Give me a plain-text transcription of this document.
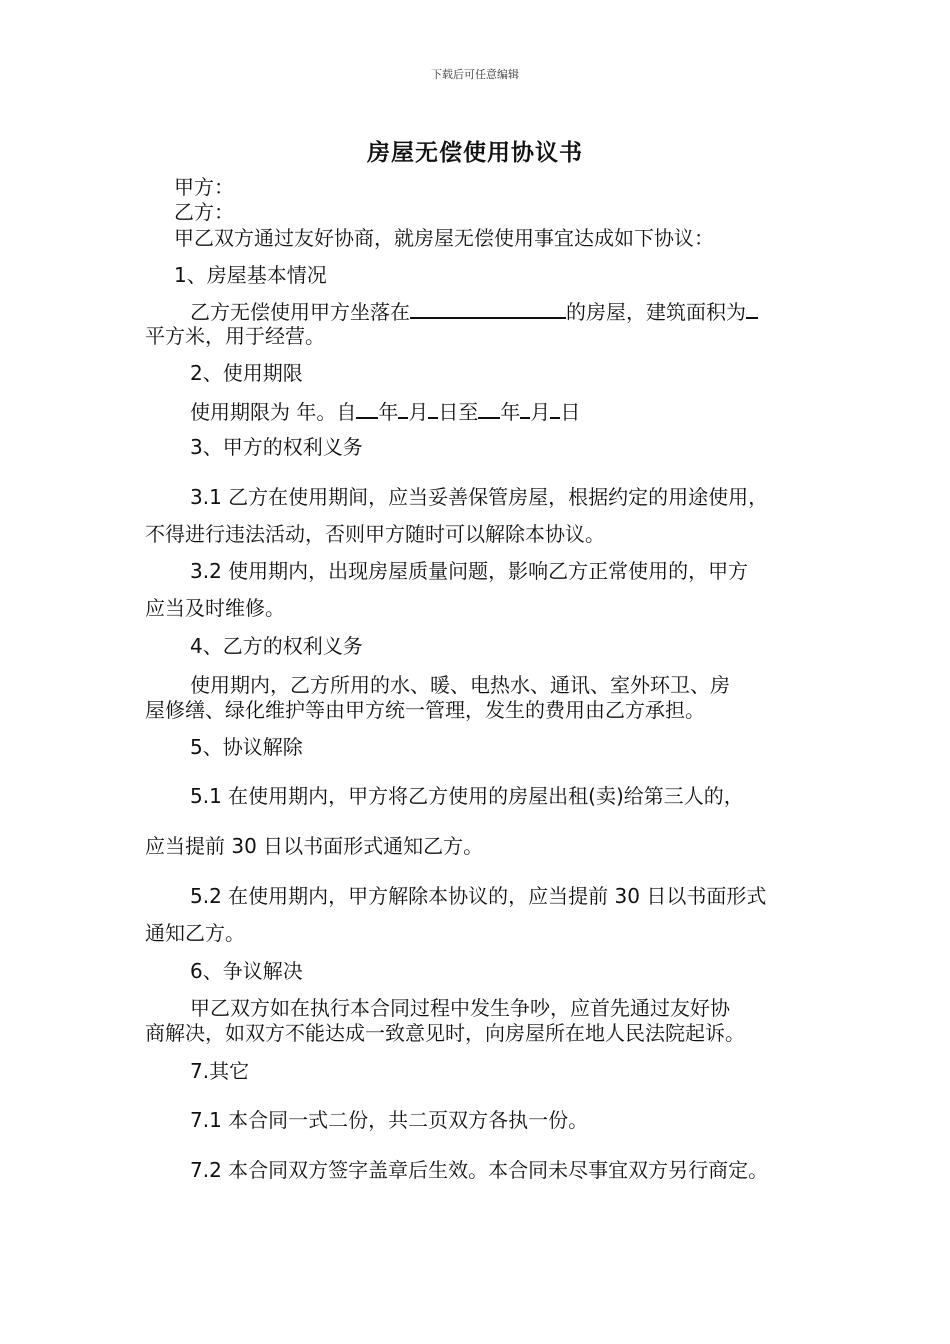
下载后可任意编辑
房屋无偿使用协议书
甲方：
乙方：
甲乙双方通过友好协商，就房屋无偿使用事宜达成如下协议：
1、房屋基本情况
乙方无偿使用甲方坐落在	的房屋，建筑面积为
平方米，用于经营。
2、使用期限
使用期限为 年。自 年 月 日至 年 月 日
3、甲方的权利义务
3.1 乙方在使用期间，应当妥善保管房屋，根据约定的用途使用，
不得进行违法活动，否则甲方随时可以解除本协议。
3.2 使用期内，出现房屋质量问题，影响乙方正常使用的，甲方
应当及时维修。
4、乙方的权利义务
使用期内，乙方所用的水、暖、电热水、通讯、室外环卫、房
屋修缮、绿化维护等由甲方统一管理，发生的费用由乙方承担。
5、协议解除
5.1 在使用期内，甲方将乙方使用的房屋出租(卖)给第三人的，
应当提前 30 日以书面形式通知乙方。
5.2 在使用期内，甲方解除本协议的，应当提前 30 日以书面形式
通知乙方。
6、争议解决
甲乙双方如在执行本合同过程中发生争吵，应首先通过友好协
商解决，如双方不能达成一致意见时，向房屋所在地人民法院起诉。
7.其它
7.1 本合同一式二份，共二页双方各执一份。
7.2 本合同双方签字盖章后生效。本合同未尽事宜双方另行商定。
